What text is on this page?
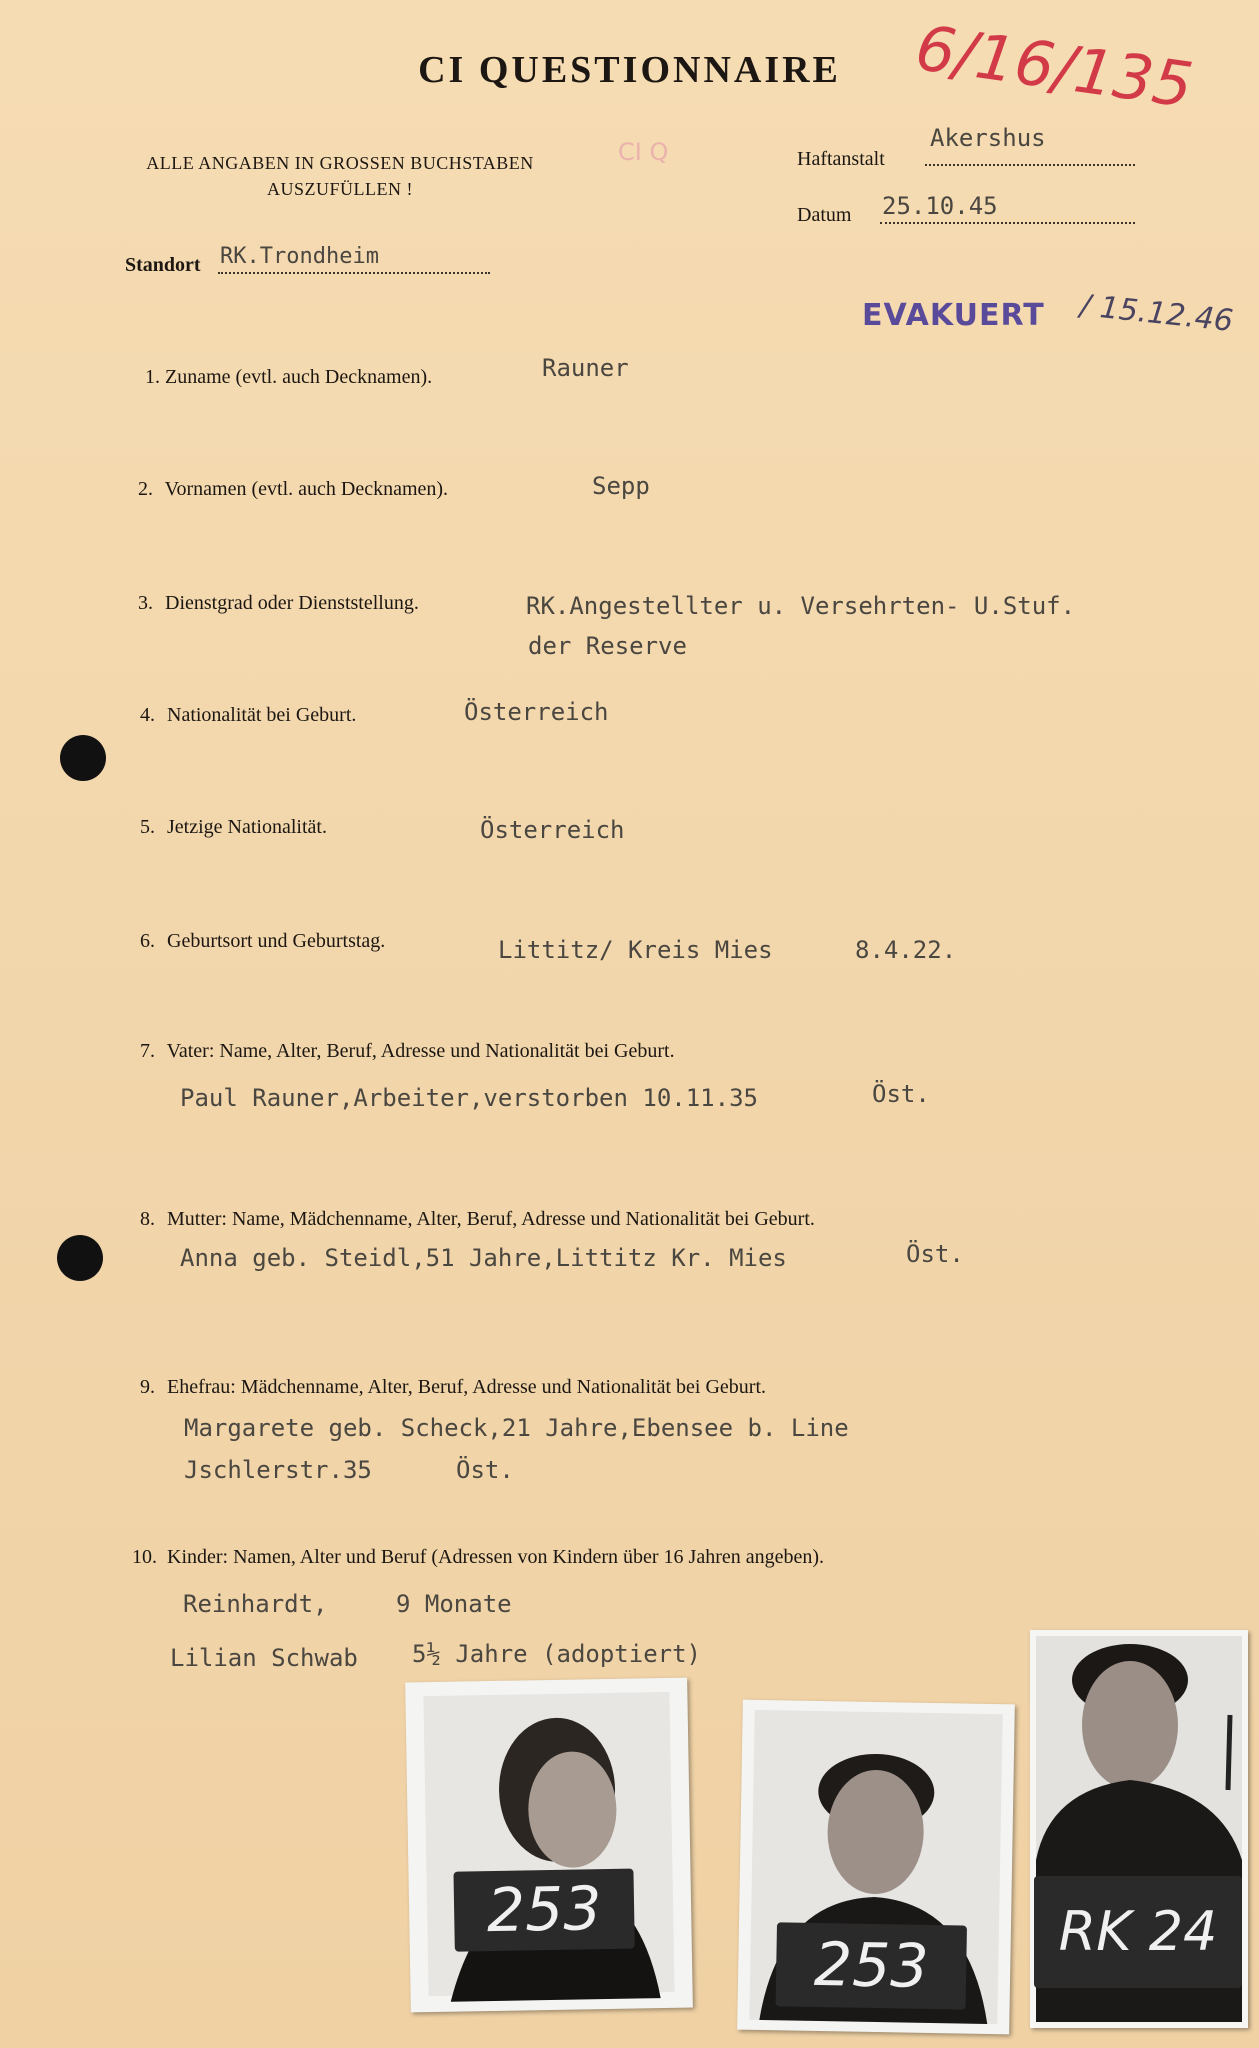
CI QUESTIONNAIRE	6/16/135
ALLE ANGABEN IN GROSSEN BUCHSTABEN
AUSZUFÜLLEN !
CI Q	Haftanstalt
Akershus
Datum 25.10.45
Standort RK.Trondheim
EVAKUERT / 15.12.46
1. Zuname (evtl. auch Decknamen).	Rauner
2. Vornamen (evtl. auch Decknamen).	Sepp
3. Dienstgrad oder Dienststellung.	RK.Angestellter u. Versehrten- U.Stuf.
der Reserve
4. Nationalität bei Geburt.	Österreich
5. Jetzige Nationalität.	Österreich
6. Geburtsort und Geburtstag.	Littitz/ Kreis Mies	8.4.22.
7. Vater: Name, Alter, Beruf, Adresse und Nationalität bei Geburt.
Paul Rauner,Arbeiter,verstorben 10.11.35	Öst.
8. Mutter: Name, Mädchenname, Alter, Beruf, Adresse und Nationalität bei Geburt.
Anna geb. Steidl,51 Jahre,Littitz Kr. Mies	Öst.
9. Ehefrau: Mädchenname, Alter, Beruf, Adresse und Nationalität bei Geburt.
Margarete geb. Scheck,21 Jahre,Ebensee b. Line
Jschlerstr.35	Öst.
10. Kinder: Namen, Alter und Beruf (Adressen von Kindern über 16 Jahren angeben).
Reinhardt,	9 Monate
Lilian Schwab 5½ Jahre (adoptiert)
253
253	RK 24
